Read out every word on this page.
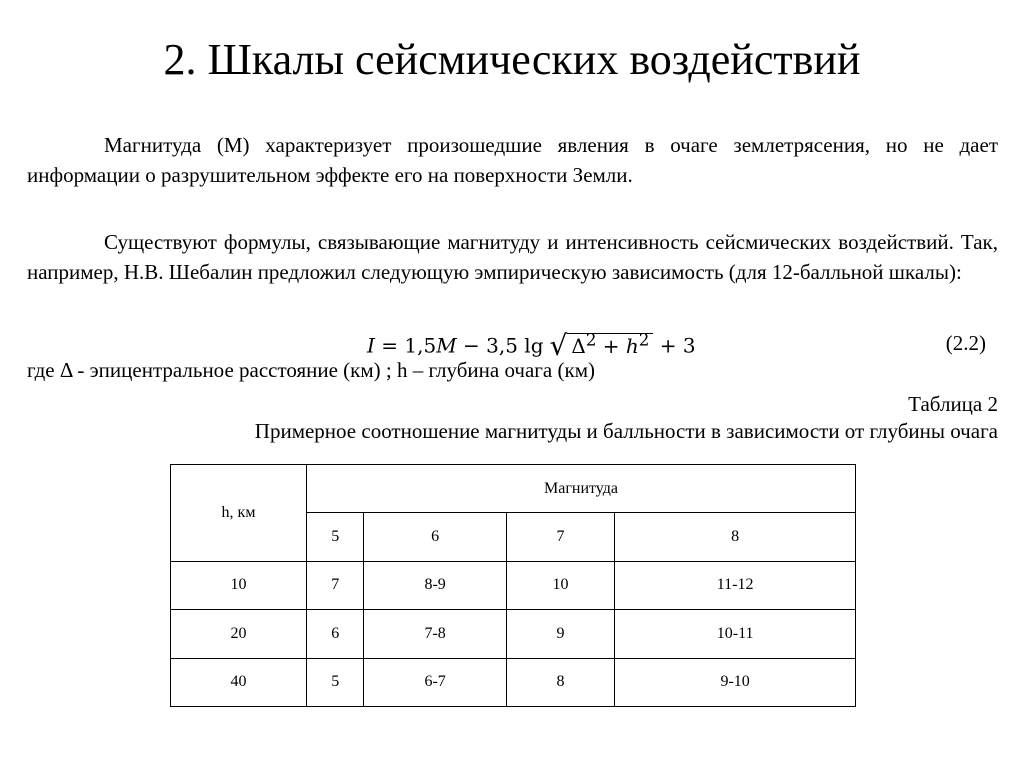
2. Шкалы сейсмических воздействий

Магнитуда (М) характеризует произошедшие явления в очаге землетрясения, но не дает информации о разрушительном эффекте его на поверхности Земли.

Существуют формулы, связывающие магнитуду и интенсивность сейсмических воздействий. Так, например, Н.В. Шебалин предложил следующую эмпирическую зависимость (для 12-балльной шкалы):

I = 1,5M − 3,5 lg √ $\Delta^2 + h^2 + 3$	(2.2)

где Δ - эпицентральное расстояние (км) ; h – глубина очага (км)

Таблица 2

Примерное соотношение магнитуды и балльности в зависимости от глубины очага

h, км	Магнитуда			
	5	6	7	8
10	7	8-9	10	11-12
20	6	7-8	9	10-11
40	5	6-7	8	9-10
